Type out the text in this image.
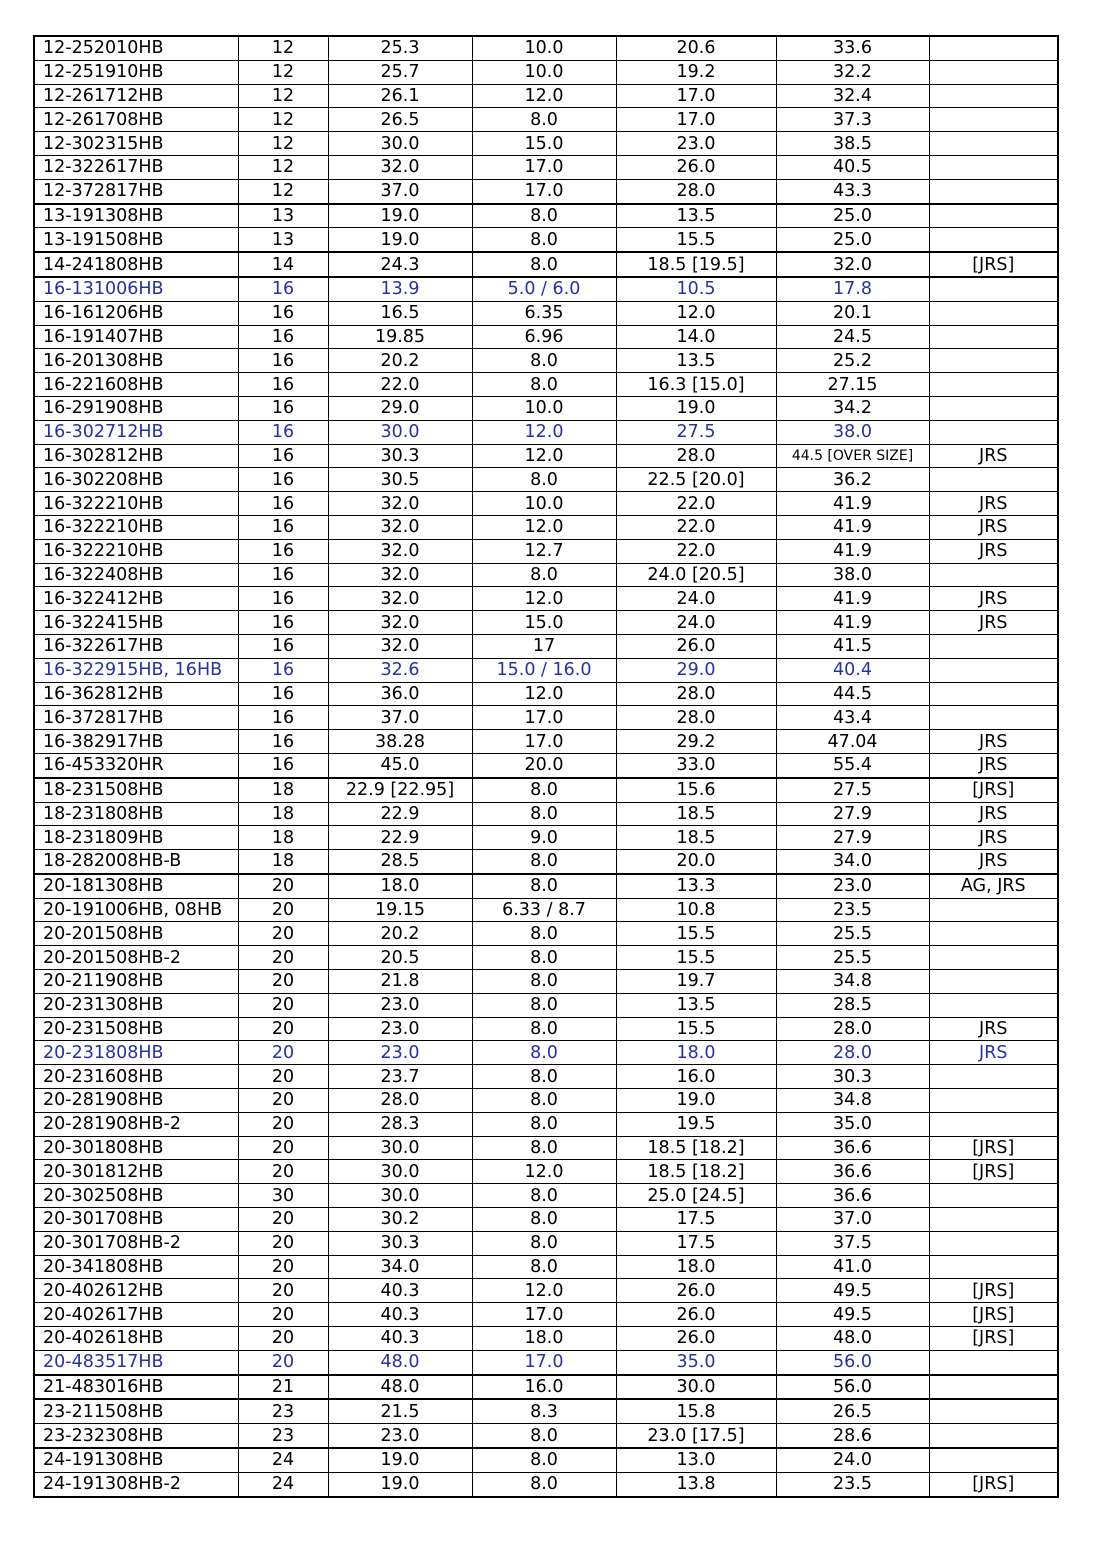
12-252010HB	12	25.3	10.0	20.6	33.6	
12-251910HB	12	25.7	10.0	19.2	32.2	
12-261712HB	12	26.1	12.0	17.0	32.4	
12-261708HB	12	26.5	8.0	17.0	37.3	
12-302315HB	12	30.0	15.0	23.0	38.5	
12-322617HB	12	32.0	17.0	26.0	40.5	
12-372817HB	12	37.0	17.0	28.0	43.3	
13-191308HB	13	19.0	8.0	13.5	25.0	
13-191508HB	13	19.0	8.0	15.5	25.0	
14-241808HB	14	24.3	8.0	18.5 [19.5]	32.0	[JRS]
16-131006HB	16	13.9	5.0 / 6.0	10.5	17.8	
16-161206HB	16	16.5	6.35	12.0	20.1	
16-191407HB	16	19.85	6.96	14.0	24.5	
16-201308HB	16	20.2	8.0	13.5	25.2	
16-221608HB	16	22.0	8.0	16.3 [15.0]	27.15	
16-291908HB	16	29.0	10.0	19.0	34.2	
16-302712HB	16	30.0	12.0	27.5	38.0	
16-302812HB	16	30.3	12.0	28.0	44.5 [OVER SIZE]	JRS
16-302208HB	16	30.5	8.0	22.5 [20.0]	36.2	
16-322210HB	16	32.0	10.0	22.0	41.9	JRS
16-322210HB	16	32.0	12.0	22.0	41.9	JRS
16-322210HB	16	32.0	12.7	22.0	41.9	JRS
16-322408HB	16	32.0	8.0	24.0 [20.5]	38.0	
16-322412HB	16	32.0	12.0	24.0	41.9	JRS
16-322415HB	16	32.0	15.0	24.0	41.9	JRS
16-322617HB	16	32.0	17	26.0	41.5	
16-322915HB, 16HB	16	32.6	15.0 / 16.0	29.0	40.4	
16-362812HB	16	36.0	12.0	28.0	44.5	
16-372817HB	16	37.0	17.0	28.0	43.4	
16-382917HB	16	38.28	17.0	29.2	47.04	JRS
16-453320HR	16	45.0	20.0	33.0	55.4	JRS
18-231508HB	18	22.9 [22.95]	8.0	15.6	27.5	[JRS]
18-231808HB	18	22.9	8.0	18.5	27.9	JRS
18-231809HB	18	22.9	9.0	18.5	27.9	JRS
18-282008HB-B	18	28.5	8.0	20.0	34.0	JRS
20-181308HB	20	18.0	8.0	13.3	23.0	AG, JRS
20-191006HB, 08HB	20	19.15	6.33 / 8.7	10.8	23.5	
20-201508HB	20	20.2	8.0	15.5	25.5	
20-201508HB-2	20	20.5	8.0	15.5	25.5	
20-211908HB	20	21.8	8.0	19.7	34.8	
20-231308HB	20	23.0	8.0	13.5	28.5	
20-231508HB	20	23.0	8.0	15.5	28.0	JRS
20-231808HB	20	23.0	8.0	18.0	28.0	JRS
20-231608HB	20	23.7	8.0	16.0	30.3	
20-281908HB	20	28.0	8.0	19.0	34.8	
20-281908HB-2	20	28.3	8.0	19.5	35.0	
20-301808HB	20	30.0	8.0	18.5 [18.2]	36.6	[JRS]
20-301812HB	20	30.0	12.0	18.5 [18.2]	36.6	[JRS]
20-302508HB	30	30.0	8.0	25.0 [24.5]	36.6	
20-301708HB	20	30.2	8.0	17.5	37.0	
20-301708HB-2	20	30.3	8.0	17.5	37.5	
20-341808HB	20	34.0	8.0	18.0	41.0	
20-402612HB	20	40.3	12.0	26.0	49.5	[JRS]
20-402617HB	20	40.3	17.0	26.0	49.5	[JRS]
20-402618HB	20	40.3	18.0	26.0	48.0	[JRS]
20-483517HB	20	48.0	17.0	35.0	56.0	
21-483016HB	21	48.0	16.0	30.0	56.0	
23-211508HB	23	21.5	8.3	15.8	26.5	
23-232308HB	23	23.0	8.0	23.0 [17.5]	28.6	
24-191308HB	24	19.0	8.0	13.0	24.0	
24-191308HB-2	24	19.0	8.0	13.8	23.5	[JRS]
